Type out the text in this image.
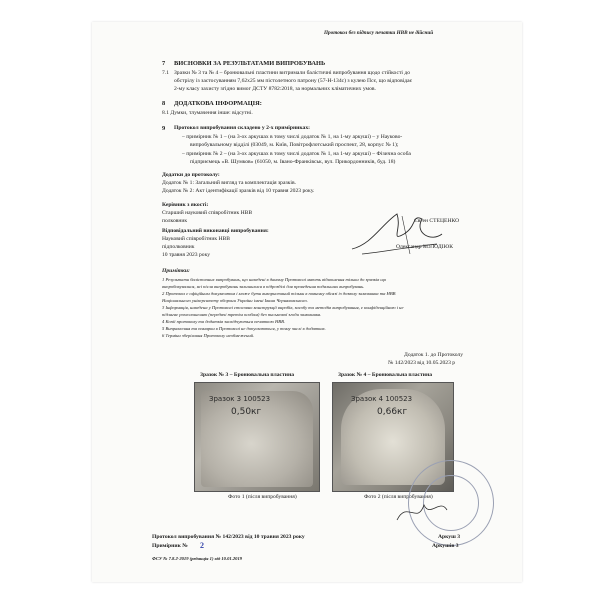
Протокол без підпису печатки НВВ не дійсний
7 ВИСНОВКИ ЗА РЕЗУЛЬТАТАМИ ВИПРОБУВАНЬ
7.1 Зразки № 3 та № 4 – бронювальні пластини витримали балістичні випробування щодо стійкості до
обстрілу із застосуванням 7,62х25 мм пістолетного патрону (57-Н-134с) з кулею Псє, що відповідає
2-му класу захисту згідно вимог ДСТУ 8782:2018, за нормальних кліматичних умов.
8 ДОДАТКОВА ІНФОРМАЦІЯ:
8.1 Думки, тлумачення інше: відсутні.
9 Протокол випробування складено у 2-х примірниках:
– примірник № 1 – (на 3-ох аркушах в тому числі додаток № 1, на 1-му аркуші) – у Науково-
випробувальному відділі (03049, м. Київ, Повітрофлотський проспект, 28, корпус № 1);
– примірник № 2 – (на 3-ох аркушах в тому числі додаток № 1, на 1-му аркуші) – Фізична особа
підприємець «В. Шумков» (61050, м. Івано-Франківськ, вул. Прикордонників, буд. 18)
Додатки до протоколу:
Додаток № 1: Загальний вигляд та комплектація зразків.
Додаток № 2: Акт ідентифікації зразків від 10 травня 2023 року.
Керівник з якості:
Старший науковий співробітник НВВ
полковник	Євген СТЕЦЕНКО
Відповідальний виконавці випробування:
Науковий співробітник НВВ
підполковник	Олександр КОЛОДІЮК
10 травня 2023 року
Примітки:
1 Результати балістичних випробувань, що наведені в даному Протоколі мають відношення тільки до зразків що
випробовувалися, всі після випробувань залишилися в підрозділі для проведення подальших випробувань.
2 Протокол є офіційним документом і може бути використаний тільки в повному обсязі із дозволу замовника та НВВ
Національного університету оборони України імені Івана Черняховського.
3 Інформація, наведена у Протоколі стосовно конструкції виробів, засобу та методів випробування, є конфіденційною і не
підлягає розголошенню (передачі третім особам) без письмової згоди замовника.
4 Копії протоколу та додатків засвідчуються печаткою НВВ.
5 Виправлення та помарки в Протоколі не допускаються, у тому числі в додатках.
6 Терміни зберігання Протоколу необмежений.
Додаток 1. до Протоколу
№ 142/2023 від 10.05.2023 р
Зразок № 3 – Бронювальна пластина	Зразок № 4 – Бронювальна пластина
Зразок 3 100523
0,50кг
Зразок 4 100523
0,66кг
Фото 1 (після випробування)	Фото 2 (після випробування)
Протокол випробування № 142/2023 від 10 травня 2023 року
Примірник № 2
Аркуш 3
Аркушів 3
ФСУ № 7.8.2-2019 (редакція 1) від 10.01.2019
